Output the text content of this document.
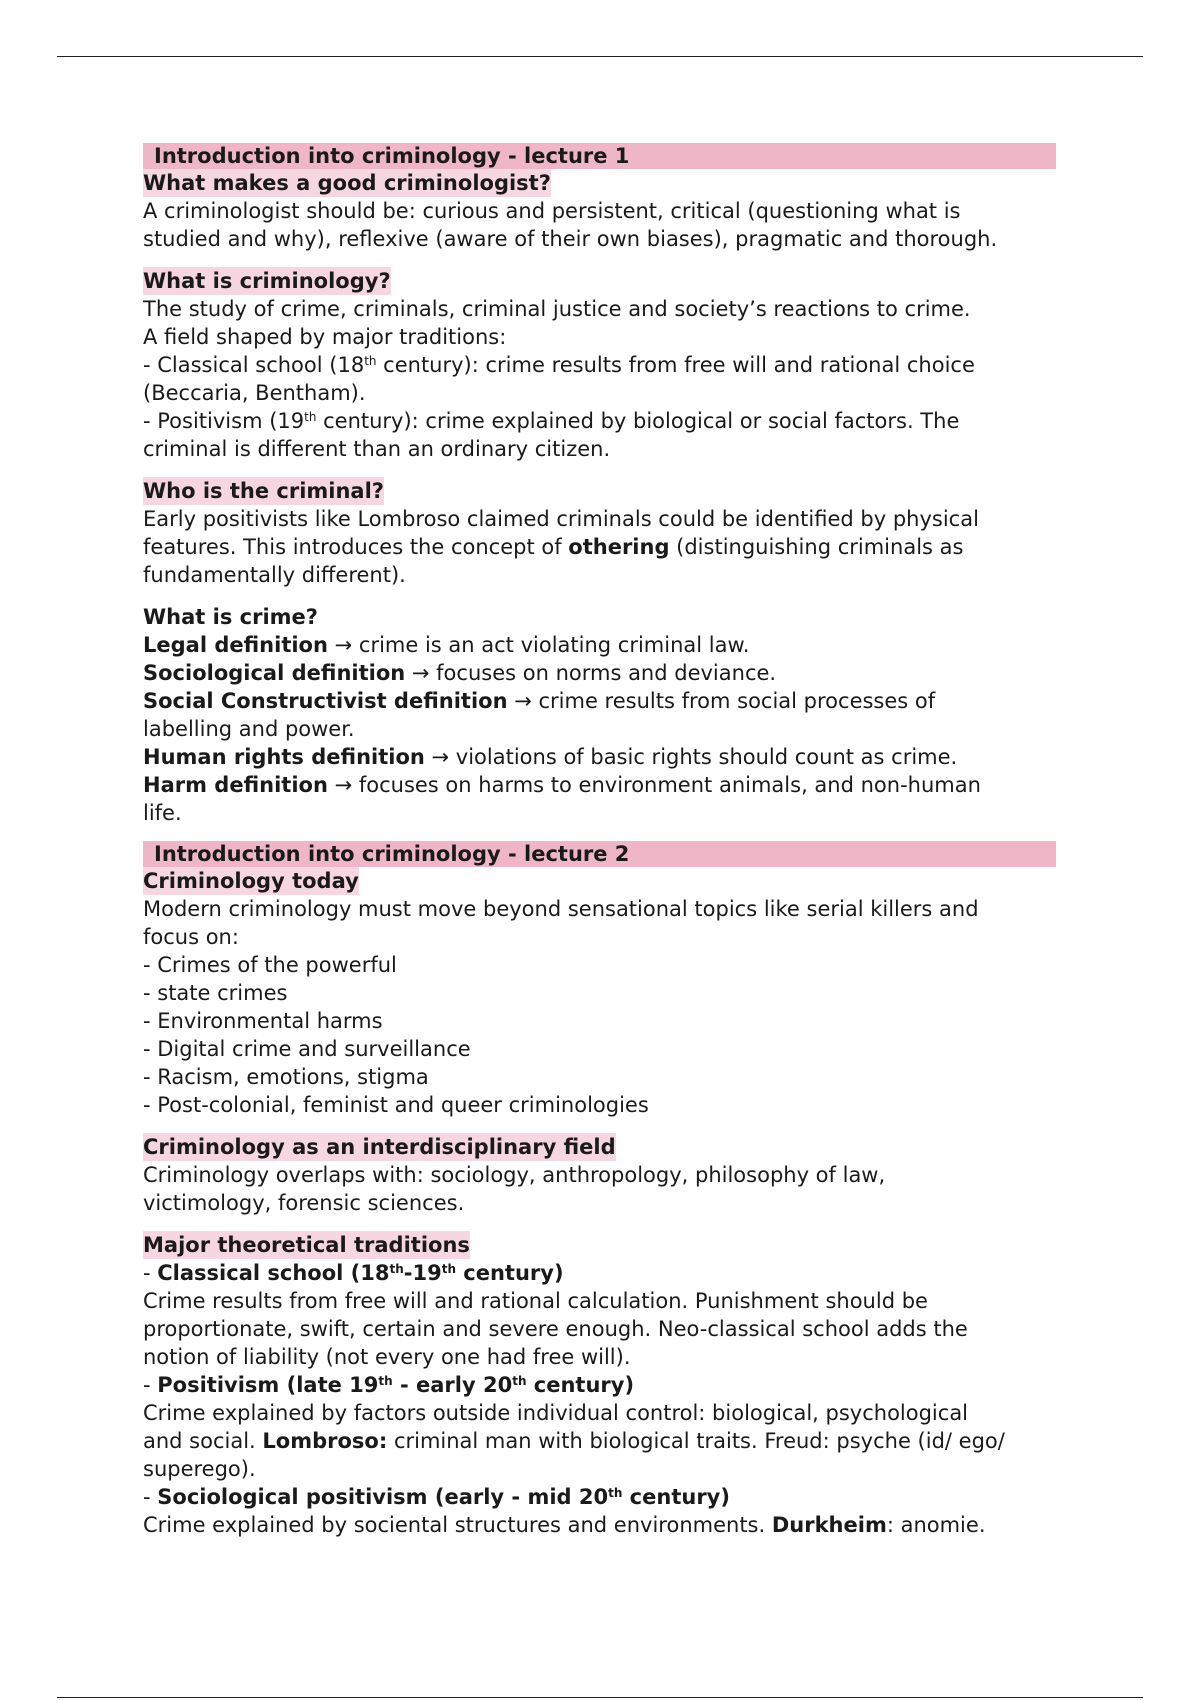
Introduction into criminology - lecture 1
What makes a good criminologist?
A criminologist should be: curious and persistent, critical (questioning what is
studied and why), reflexive (aware of their own biases), pragmatic and thorough.
What is criminology?
The study of crime, criminals, criminal justice and society’s reactions to crime.
A field shaped by major traditions:
- Classical school (18th century): crime results from free will and rational choice
(Beccaria, Bentham).
- Positivism (19th century): crime explained by biological or social factors. The
criminal is different than an ordinary citizen.
Who is the criminal?
Early positivists like Lombroso claimed criminals could be identified by physical
features. This introduces the concept of othering (distinguishing criminals as
fundamentally different).
What is crime?
Legal definition → crime is an act violating criminal law.
Sociological definition → focuses on norms and deviance.
Social Constructivist definition → crime results from social processes of
labelling and power.
Human rights definition → violations of basic rights should count as crime.
Harm definition → focuses on harms to environment animals, and non-human
life.
Introduction into criminology - lecture 2
Criminology today
Modern criminology must move beyond sensational topics like serial killers and
focus on:
- Crimes of the powerful
- state crimes
- Environmental harms
- Digital crime and surveillance
- Racism, emotions, stigma
- Post-colonial, feminist and queer criminologies
Criminology as an interdisciplinary field
Criminology overlaps with: sociology, anthropology, philosophy of law,
victimology, forensic sciences.
Major theoretical traditions
- Classical school (18th-19th century)
Crime results from free will and rational calculation. Punishment should be
proportionate, swift, certain and severe enough. Neo-classical school adds the
notion of liability (not every one had free will).
- Positivism (late 19th - early 20th century)
Crime explained by factors outside individual control: biological, psychological
and social. Lombroso: criminal man with biological traits. Freud: psyche (id/ ego/
superego).
- Sociological positivism (early - mid 20th century)
Crime explained by sociental structures and environments. Durkheim: anomie.
